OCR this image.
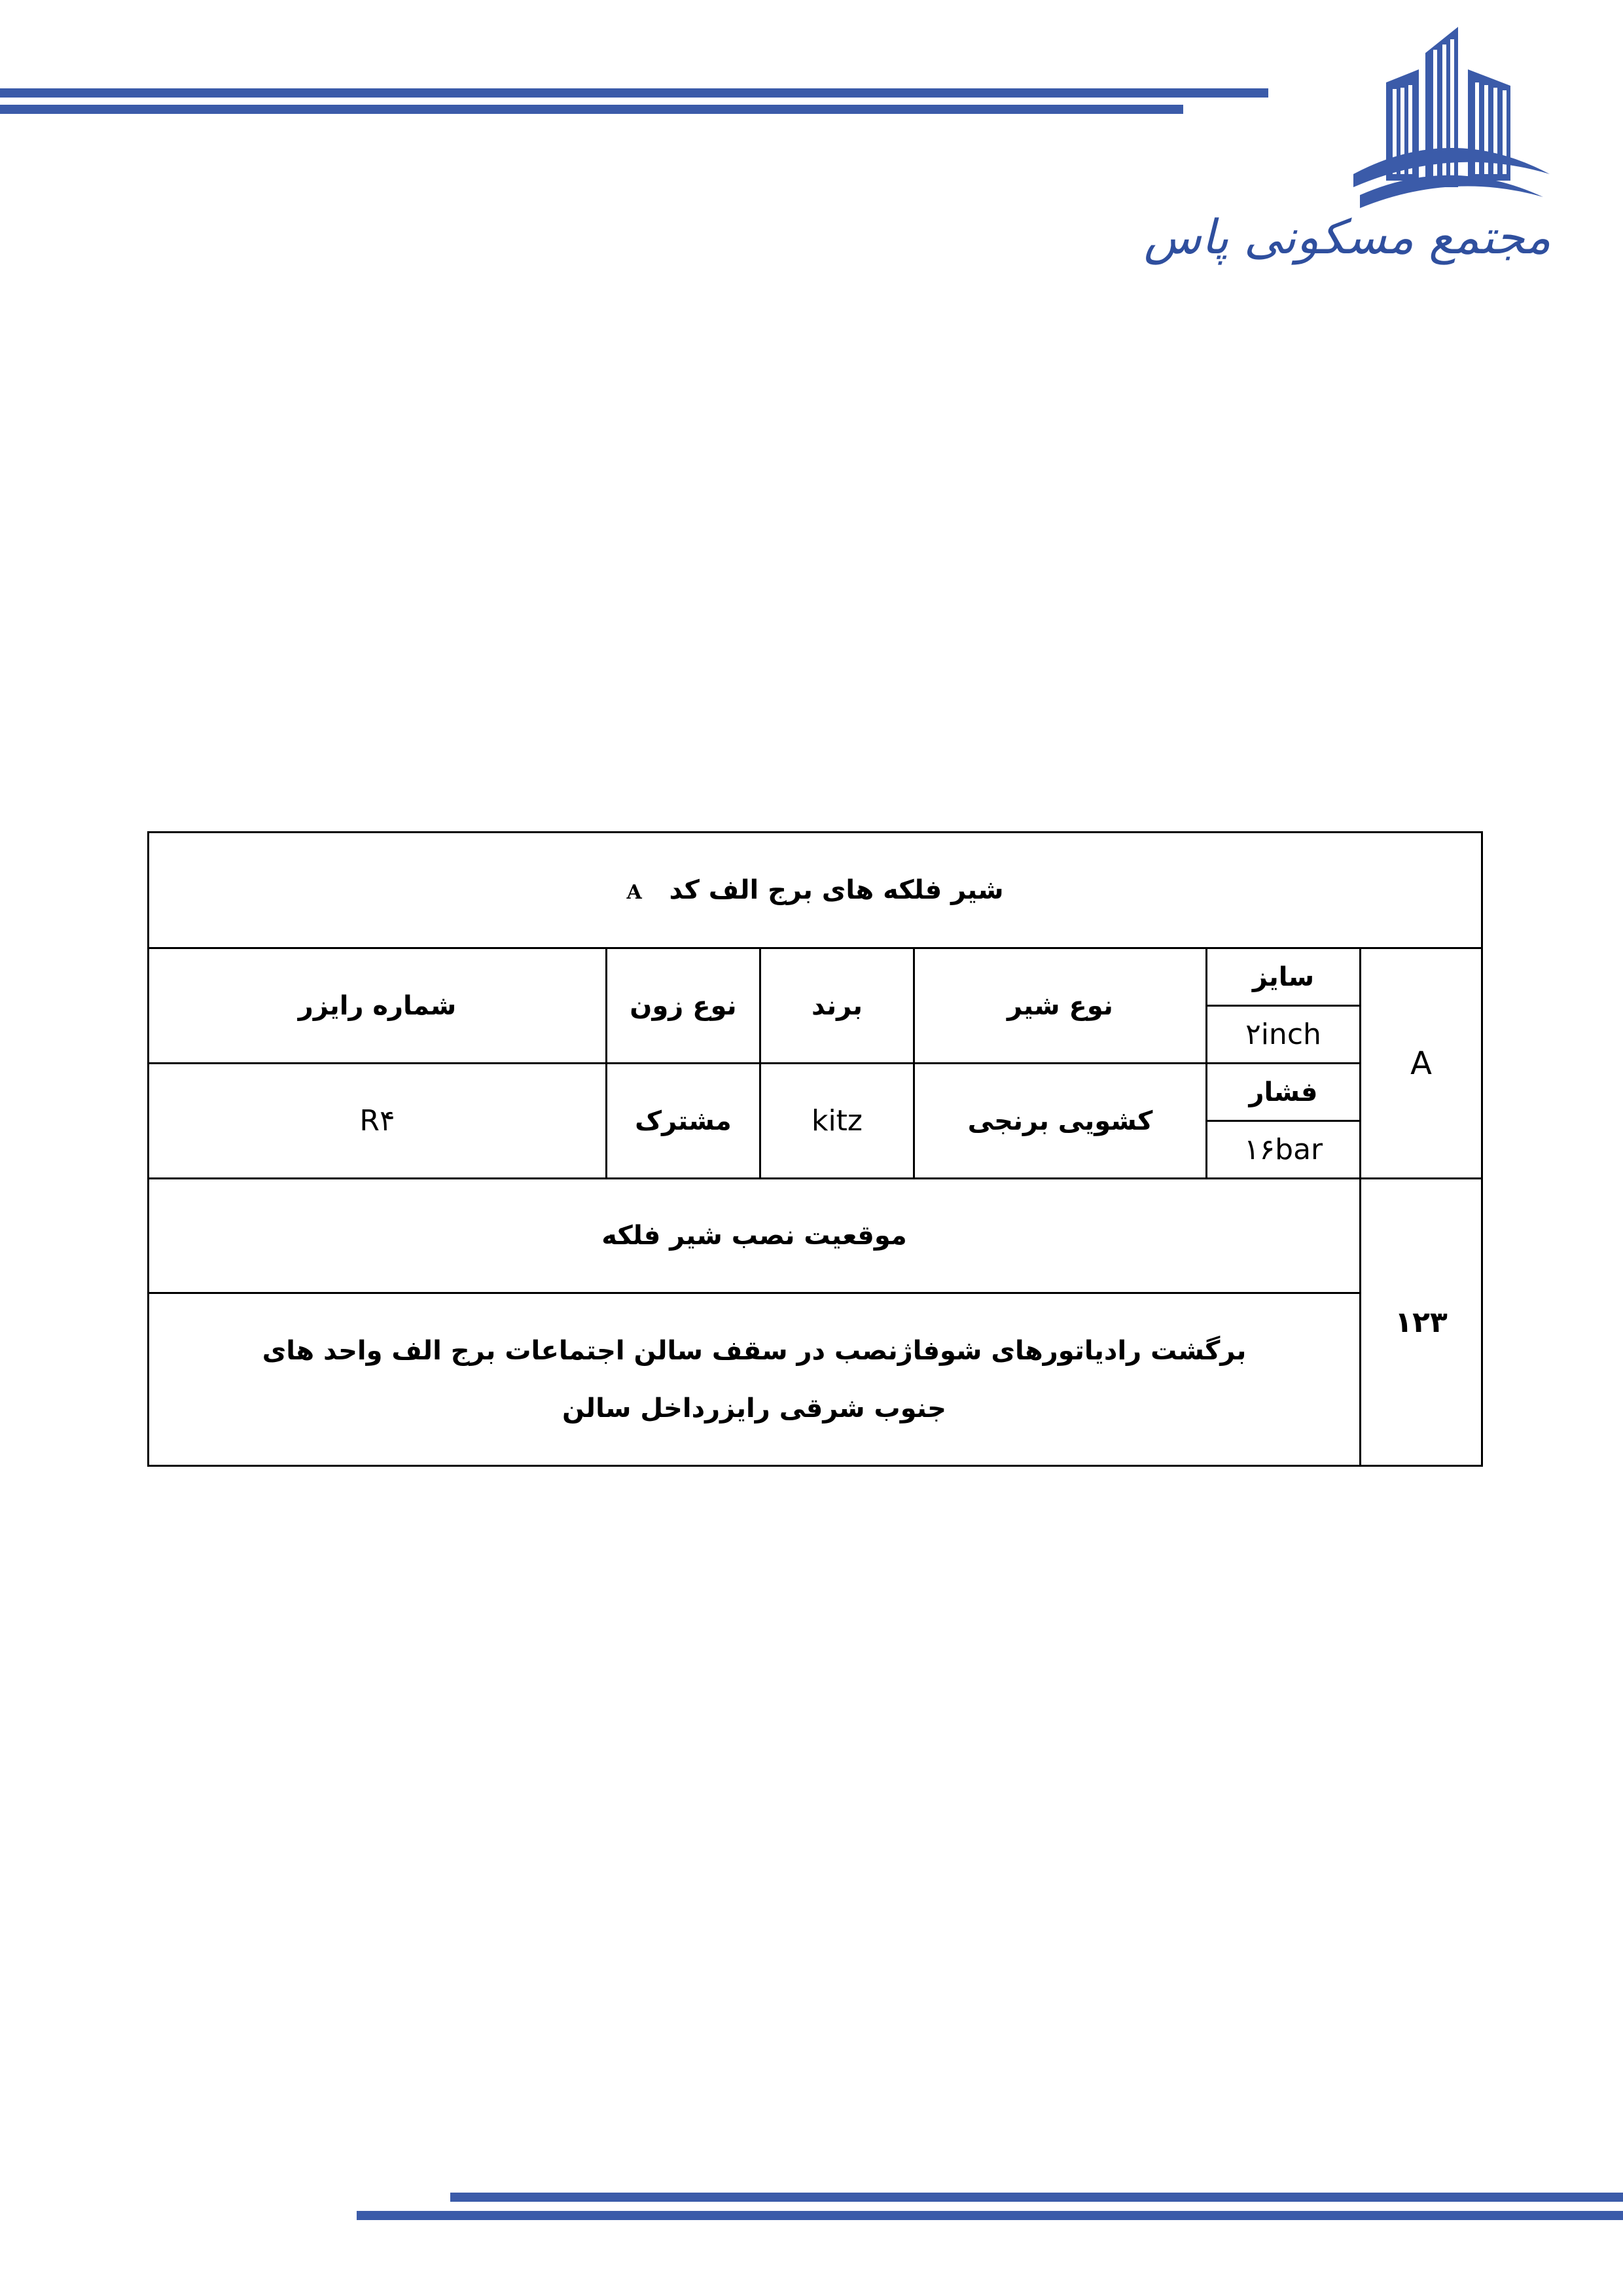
مجتمع مسکونی پاس
شیر فلکه های برج الف کد   A					
شماره رایزر	نوع زون	برند	نوع شیر	سایز	A
				۲inch	
R۴	مشترک	kitz	کشویی برنجی	فشار	
				۱۶bar	
موقعیت نصب شیر فلکه					۱۲۳

برگشت رادیاتورهای شوفاژنصب در سقف سالن اجتماعات برج الف واحد های
جنوب شرقی رایزرداخل سالن					
